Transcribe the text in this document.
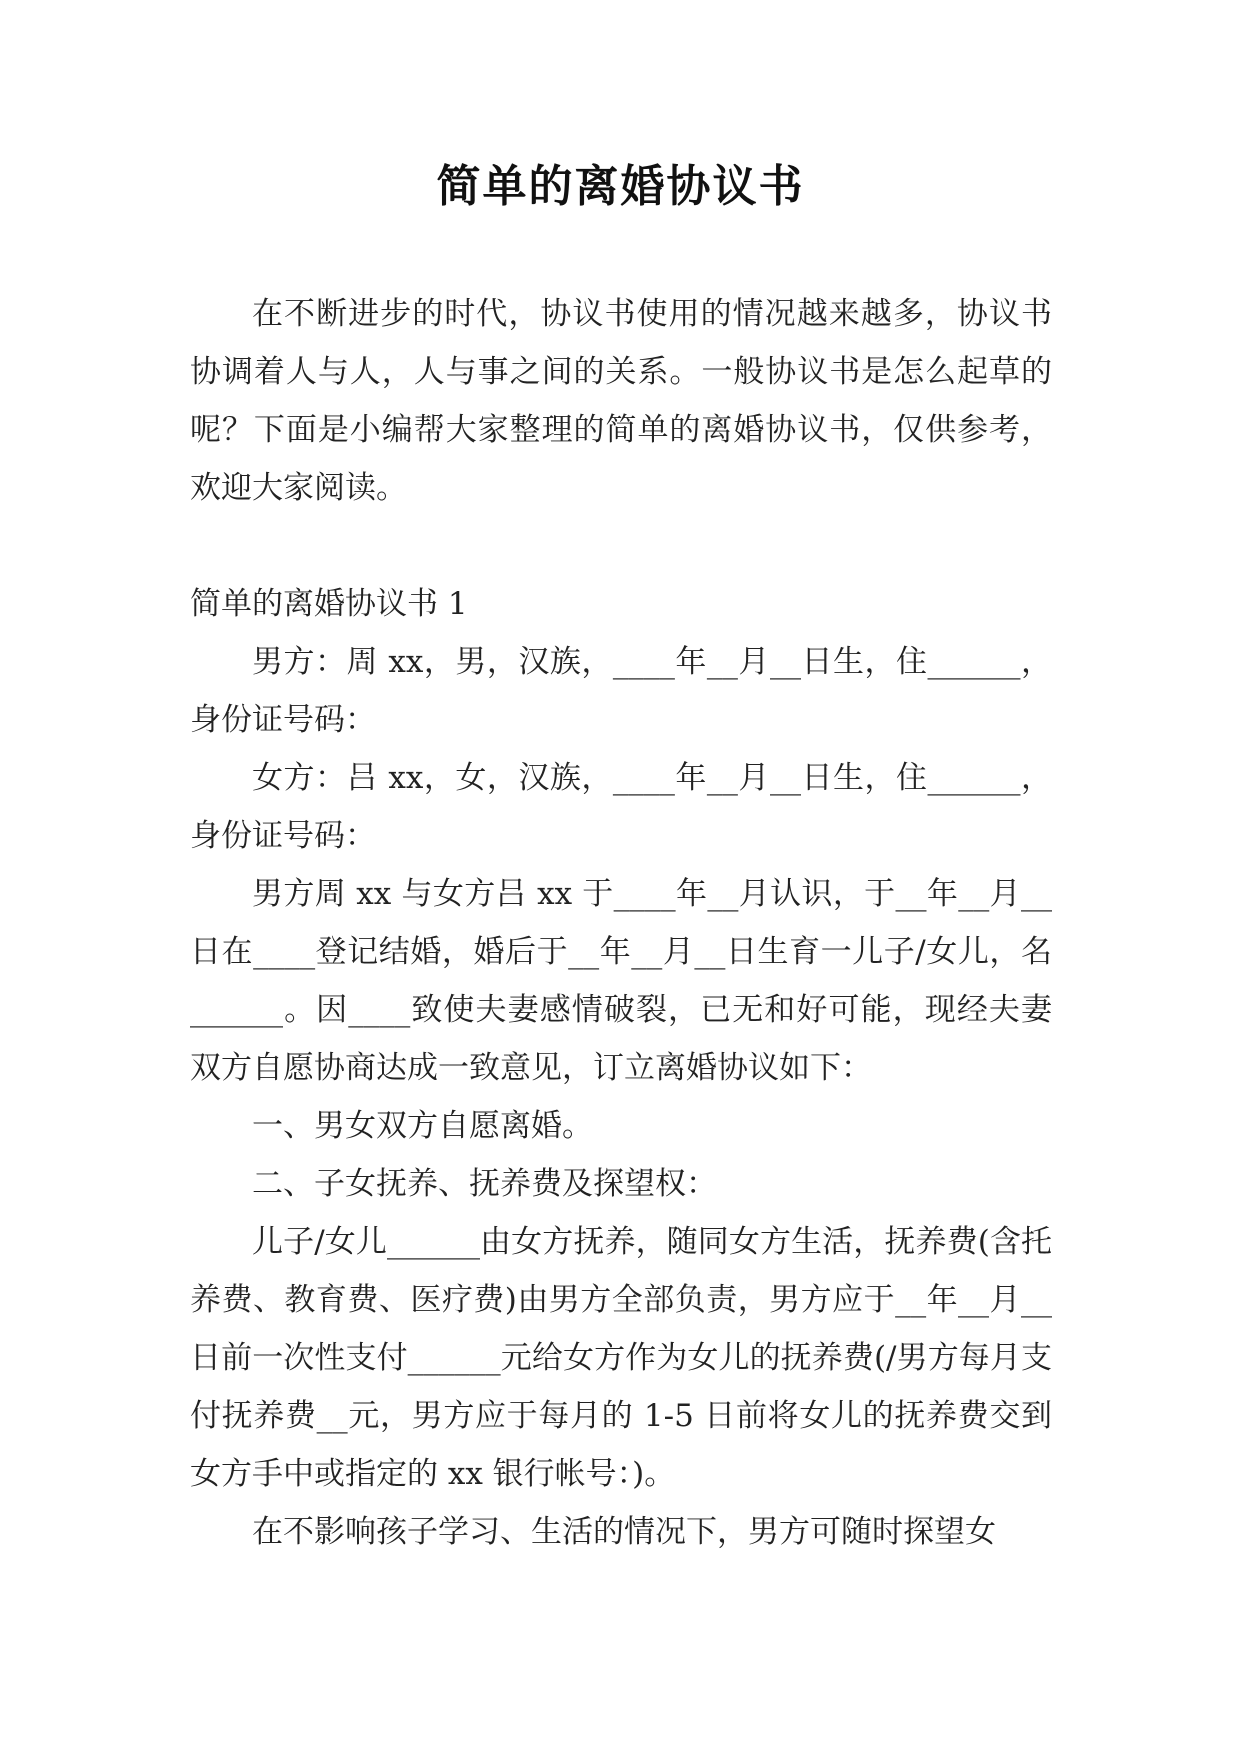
简单的离婚协议书

在不断进步的时代，协议书使用的情况越来越多，协议书协调着人与人，人与事之间的关系。一般协议书是怎么起草的呢？下面是小编帮大家整理的简单的离婚协议书，仅供参考，欢迎大家阅读。

简单的离婚协议书 1

男方：周 xx，男，汉族，____年__月__日生，住______，身份证号码：

女方：吕 xx，女，汉族，____年__月__日生，住______，身份证号码：

男方周 xx 与女方吕 xx 于____年__月认识，于__年__月__日在____登记结婚，婚后于__年__月__日生育一儿子/女儿，名______。因____致使夫妻感情破裂，已无和好可能，现经夫妻双方自愿协商达成一致意见，订立离婚协议如下：

一、男女双方自愿离婚。

二、子女抚养、抚养费及探望权：

儿子/女儿______由女方抚养，随同女方生活，抚养费(含托养费、教育费、医疗费)由男方全部负责，男方应于__年__月__日前一次性支付______元给女方作为女儿的抚养费(/男方每月支付抚养费__元，男方应于每月的 1-5 日前将女儿的抚养费交到女方手中或指定的 xx 银行帐号：)。

在不影响孩子学习、生活的情况下，男方可随时探望女
